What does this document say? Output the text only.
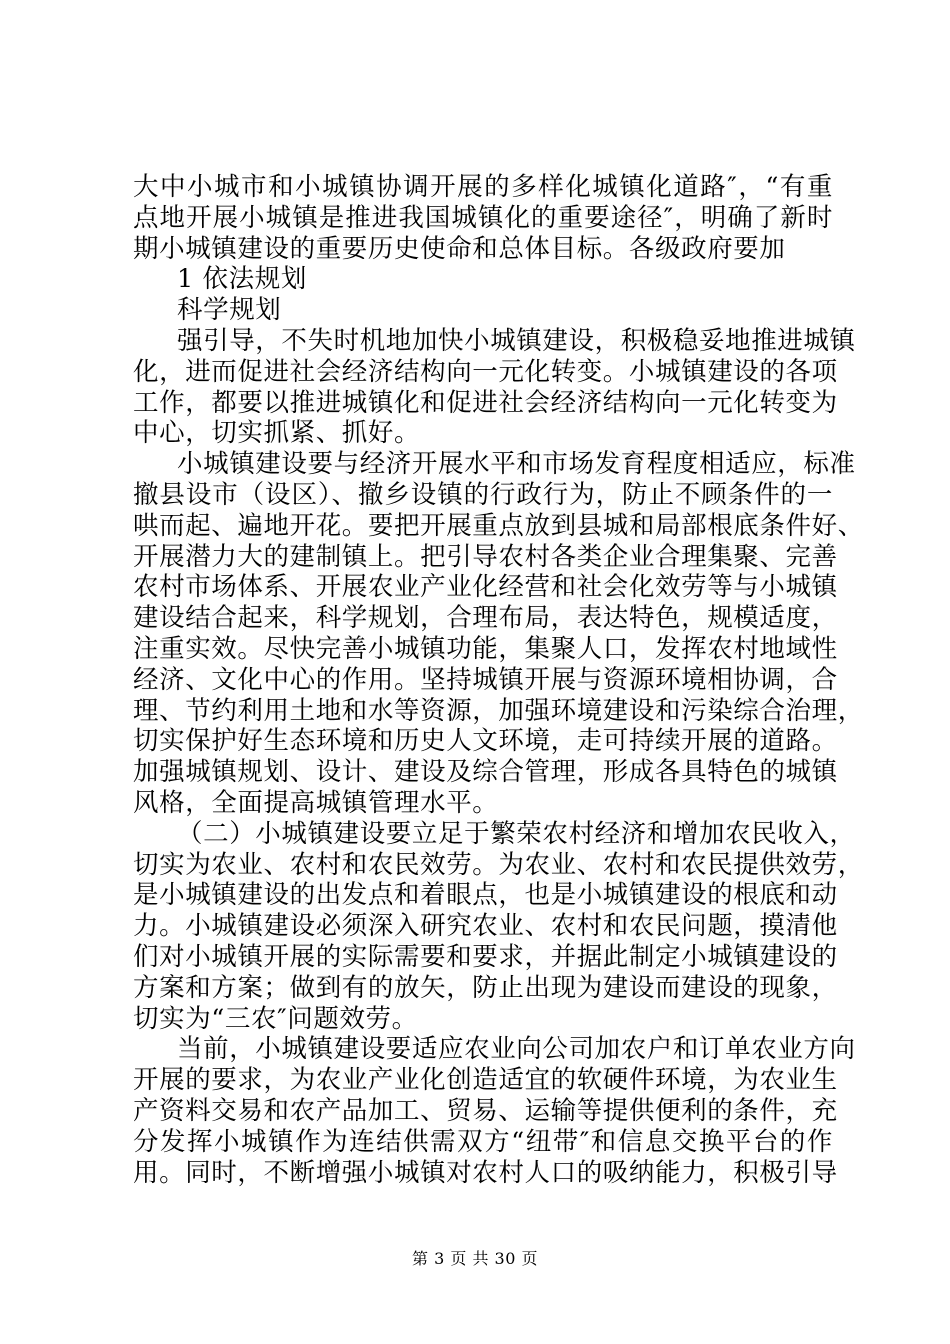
大中小城市和小城镇协调开展的多样化城镇化道路″，“有重
点地开展小城镇是推进我国城镇化的重要途径″，明确了新时
期小城镇建设的重要历史使命和总体目标。各级政府要加
1 依法规划
科学规划
强引导，不失时机地加快小城镇建设，积极稳妥地推进城镇
化，进而促进社会经济结构向一元化转变。小城镇建设的各项
工作，都要以推进城镇化和促进社会经济结构向一元化转变为
中心，切实抓紧、抓好。
小城镇建设要与经济开展水平和市场发育程度相适应，标准
撤县设市（设区）、撤乡设镇的行政行为，防止不顾条件的一
哄而起、遍地开花。要把开展重点放到县城和局部根底条件好、
开展潜力大的建制镇上。把引导农村各类企业合理集聚、完善
农村市场体系、开展农业产业化经营和社会化效劳等与小城镇
建设结合起来，科学规划，合理布局，表达特色，规模适度，
注重实效。尽快完善小城镇功能，集聚人口，发挥农村地域性
经济、文化中心的作用。坚持城镇开展与资源环境相协调，合
理、节约利用土地和水等资源，加强环境建设和污染综合治理，
切实保护好生态环境和历史人文环境，走可持续开展的道路。
加强城镇规划、设计、建设及综合管理，形成各具特色的城镇
风格，全面提高城镇管理水平。
（二）小城镇建设要立足于繁荣农村经济和增加农民收入，
切实为农业、农村和农民效劳。为农业、农村和农民提供效劳，
是小城镇建设的出发点和着眼点，也是小城镇建设的根底和动
力。小城镇建设必须深入研究农业、农村和农民问题，摸清他
们对小城镇开展的实际需要和要求，并据此制定小城镇建设的
方案和方案；做到有的放矢，防止出现为建设而建设的现象，
切实为“三农″问题效劳。
当前，小城镇建设要适应农业向公司加农户和订单农业方向
开展的要求，为农业产业化创造适宜的软硬件环境，为农业生
产资料交易和农产品加工、贸易、运输等提供便利的条件，充
分发挥小城镇作为连结供需双方“纽带″和信息交换平台的作
用。同时，不断增强小城镇对农村人口的吸纳能力，积极引导
第 3 页 共 30 页
